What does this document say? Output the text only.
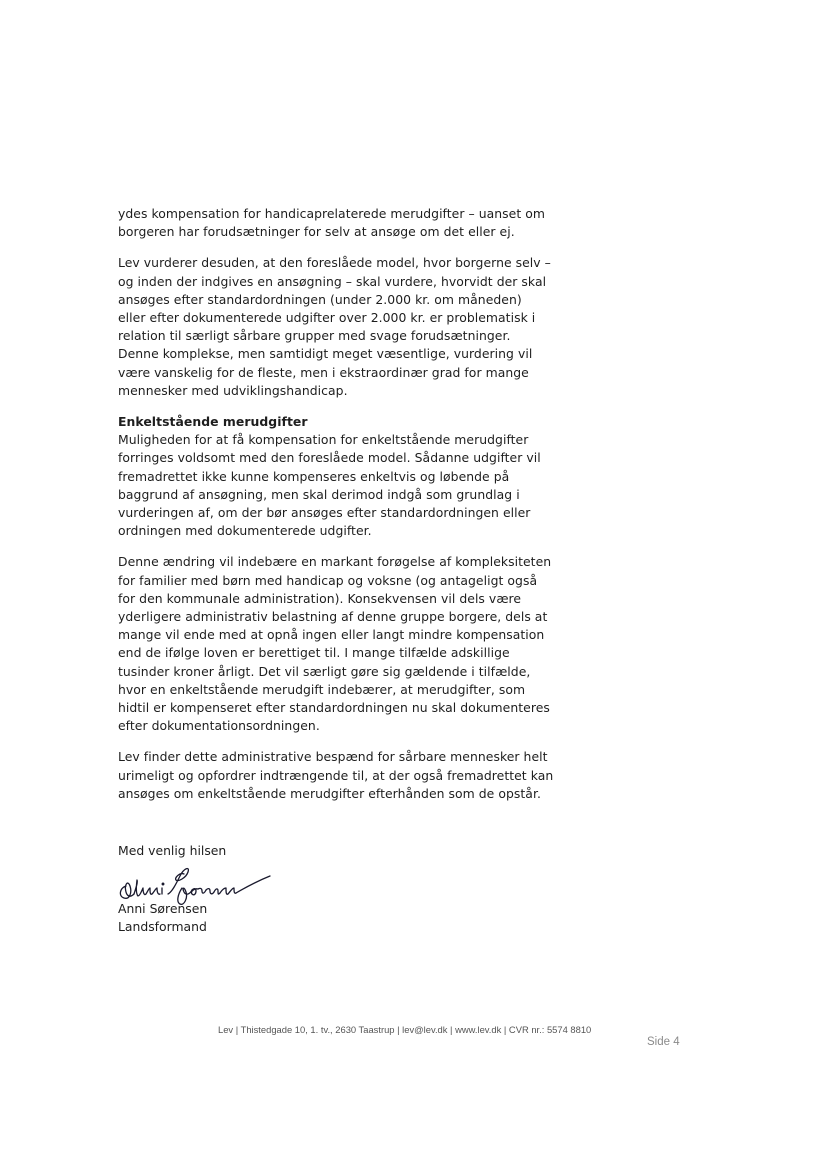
ydes kompensation for handicaprelaterede merudgifter – uanset om
borgeren har forudsætninger for selv at ansøge om det eller ej.

Lev vurderer desuden, at den foreslåede model, hvor borgerne selv –
og inden der indgives en ansøgning – skal vurdere, hvorvidt der skal
ansøges efter standardordningen (under 2.000 kr. om måneden)
eller efter dokumenterede udgifter over 2.000 kr. er problematisk i
relation til særligt sårbare grupper med svage forudsætninger.
Denne komplekse, men samtidigt meget væsentlige, vurdering vil
være vanskelig for de fleste, men i ekstraordinær grad for mange
mennesker med udviklingshandicap.

Enkeltstående merudgifter
Muligheden for at få kompensation for enkeltstående merudgifter
forringes voldsomt med den foreslåede model. Sådanne udgifter vil
fremadrettet ikke kunne kompenseres enkeltvis og løbende på
baggrund af ansøgning, men skal derimod indgå som grundlag i
vurderingen af, om der bør ansøges efter standardordningen eller
ordningen med dokumenterede udgifter.

Denne ændring vil indebære en markant forøgelse af kompleksiteten
for familier med børn med handicap og voksne (og antageligt også
for den kommunale administration). Konsekvensen vil dels være
yderligere administrativ belastning af denne gruppe borgere, dels at
mange vil ende med at opnå ingen eller langt mindre kompensation
end de ifølge loven er berettiget til. I mange tilfælde adskillige
tusinder kroner årligt. Det vil særligt gøre sig gældende i tilfælde,
hvor en enkeltstående merudgift indebærer, at merudgifter, som
hidtil er kompenseret efter standardordningen nu skal dokumenteres
efter dokumentationsordningen.

Lev finder dette administrative bespænd for sårbare mennesker helt
urimeligt og opfordrer indtrængende til, at der også fremadrettet kan
ansøges om enkeltstående merudgifter efterhånden som de opstår.

Med venlig hilsen
Anni Sørensen
Landsformand
Lev | Thistedgade 10, 1. tv., 2630 Taastrup | lev@lev.dk | www.lev.dk | CVR nr.: 5574 8810
Side 4
